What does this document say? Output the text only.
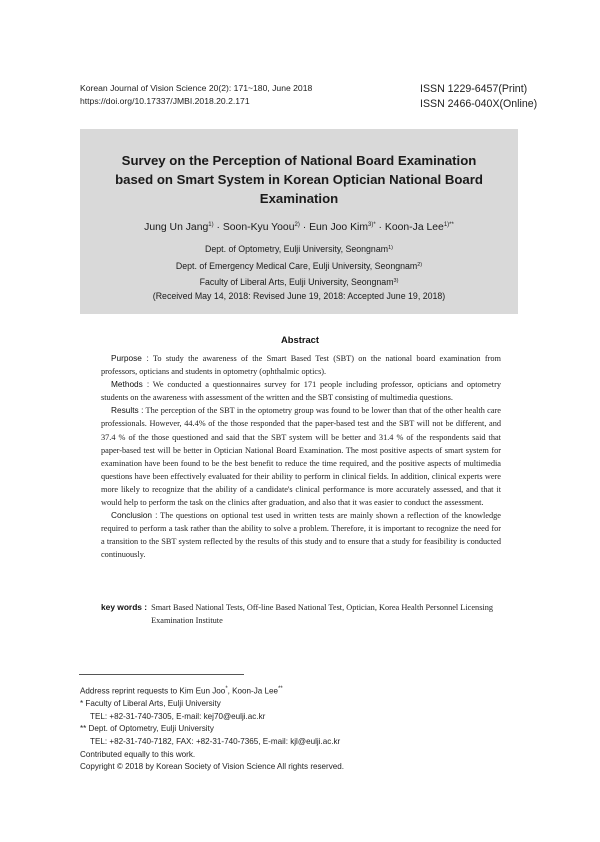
Korean Journal of Vision Science 20(2): 171~180, June 2018
https://doi.org/10.17337/JMBI.2018.20.2.171
ISSN 1229-6457(Print)
ISSN 2466-040X(Online)
Survey on the Perception of National Board Examination
based on Smart System in Korean Optician National Board
Examination
Jung Un Jang$^{1)}$ · Soon-Kyu Yoou$^{2)}$ · Eun Joo Kim$^{3)*}$ · Koon-Ja Lee$^{1)**}$
Dept. of Optometry, Eulji University, Seongnam$^{1)}$
Dept. of Emergency Medical Care, Eulji University, Seongnam$^{2)}$
Faculty of Liberal Arts, Eulji University, Seongnam$^{3)}$
(Received May 14, 2018: Revised June 19, 2018: Accepted June 19, 2018)
Abstract

Purpose : To study the awareness of the Smart Based Test (SBT) on the national board examination from professors, opticians and students in optometry (ophthalmic optics).

Methods : We conducted a questionnaires survey for 171 people including professor, opticians and optometry students on the awareness with assessment of the written and the SBT consisting of multimedia questions.

Results : The perception of the SBT in the optometry group was found to be lower than that of the other health care professionals. However, 44.4% of the those responded that the paper-based test and the SBT will not be different, and 37.4 % of the those questioned and said that the SBT system will be better and 31.4 % of the respondents said that paper-based test will be better in Optician National Board Examination. The most positive aspects of smart system for examination have been found to be the best benefit to reduce the time required, and the positive aspects of multimedia questions have been effectively evaluated for their ability to perform in clinical fields. In addition, clinical experts were more likely to recognize that the ability of a candidate's clinical performance is more accurately assessed, and that it would help to perform the task on the clinics after graduation, and also that it was easier to conduct the assessment.

Conclusion : The questions on optional test used in written tests are mainly shown a reflection of the knowledge required to perform a task rather than the ability to solve a problem. Therefore, it is important to recognize the need for a transition to the SBT system reflected by the results of this study and to ensure that a study for feasibility is conducted continuously.

key words : Smart Based National Tests, Off-line Based National Test, Optician, Korea Health Personnel Licensing Examination Institute
Address reprint requests to Kim Eun Joo*, Koon-Ja Lee**
* Faculty of Liberal Arts, Eulji University
TEL: +82-31-740-7305, E-mail: kej70@eulji.ac.kr
** Dept. of Optometry, Eulji University
TEL: +82-31-740-7182, FAX: +82-31-740-7365, E-mail: kjl@eulji.ac.kr
Contributed equally to this work.
Copyright © 2018 by Korean Society of Vision Science All rights reserved.
